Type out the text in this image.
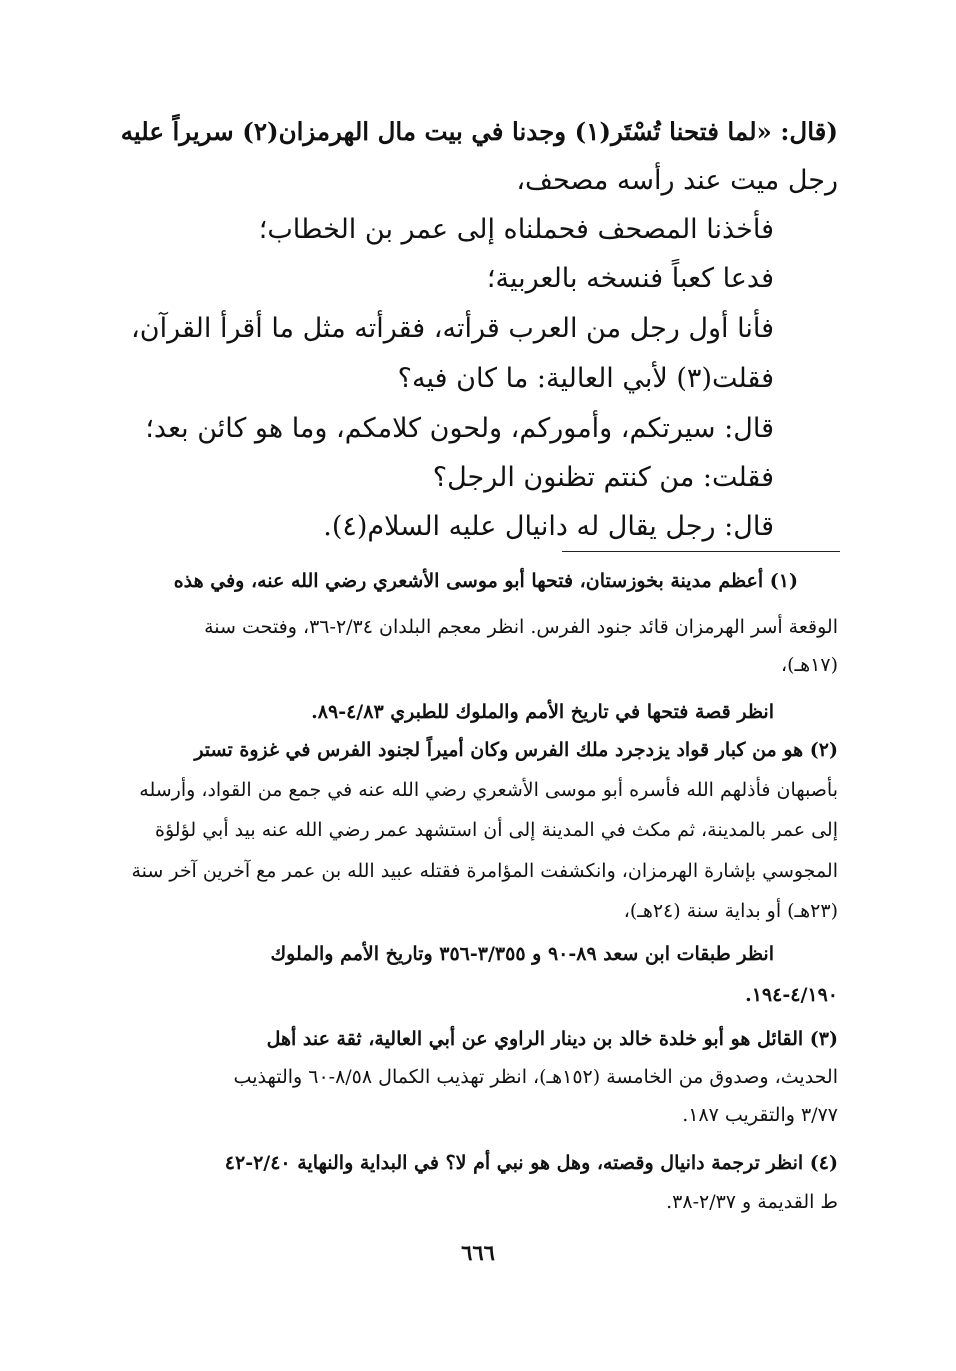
(قال: «لما فتحنا تُسْتَر(١) وجدنا في بيت مال الهرمزان(٢) سريراً عليه
رجل ميت عند رأسه مصحف،
فأخذنا المصحف فحملناه إلى عمر بن الخطاب؛
فدعا كعباً فنسخه بالعربية؛
فأنا أول رجل من العرب قرأته، فقرأته مثل ما أقرأ القرآن،
فقلت(٣) لأبي العالية: ما كان فيه؟
قال: سيرتكم، وأموركم، ولحون كلامكم، وما هو كائن بعد؛
فقلت: من كنتم تظنون الرجل؟
قال: رجل يقال له دانيال عليه السلام(٤).
(١) أعظم مدينة بخوزستان، فتحها أبو موسى الأشعري رضي الله عنه، وفي هذه
الوقعة أسر الهرمزان قائد جنود الفرس. انظر معجم البلدان ٢/٣٤-٣٦، وفتحت سنة
(١٧هـ)،
انظر قصة فتحها في تاريخ الأمم والملوك للطبري ٤/٨٣-٨٩.
(٢) هو من كبار قواد يزدجرد ملك الفرس وكان أميراً لجنود الفرس في غزوة تستر
بأصبهان فأذلهم الله فأسره أبو موسى الأشعري رضي الله عنه في جمع من القواد، وأرسله
إلى عمر بالمدينة، ثم مكث في المدينة إلى أن استشهد عمر رضي الله عنه بيد أبي لؤلؤة
المجوسي بإشارة الهرمزان، وانكشفت المؤامرة فقتله عبيد الله بن عمر مع آخرين آخر سنة
(٢٣هـ) أو بداية سنة (٢٤هـ)،
انظر طبقات ابن سعد ٨٩-٩٠ و ٣/٣٥٥-٣٥٦ وتاريخ الأمم والملوك
٤/١٩٠-١٩٤.
(٣) القائل هو أبو خلدة خالد بن دينار الراوي عن أبي العالية، ثقة عند أهل
الحديث، وصدوق من الخامسة (١٥٢هـ)، انظر تهذيب الكمال ٨/٥٨-٦٠ والتهذيب
٣/٧٧ والتقريب ١٨٧.
(٤) انظر ترجمة دانيال وقصته، وهل هو نبي أم لا؟ في البداية والنهاية ٢/٤٠-٤٢
ط القديمة و ٢/٣٧-٣٨.
٦٦٦
